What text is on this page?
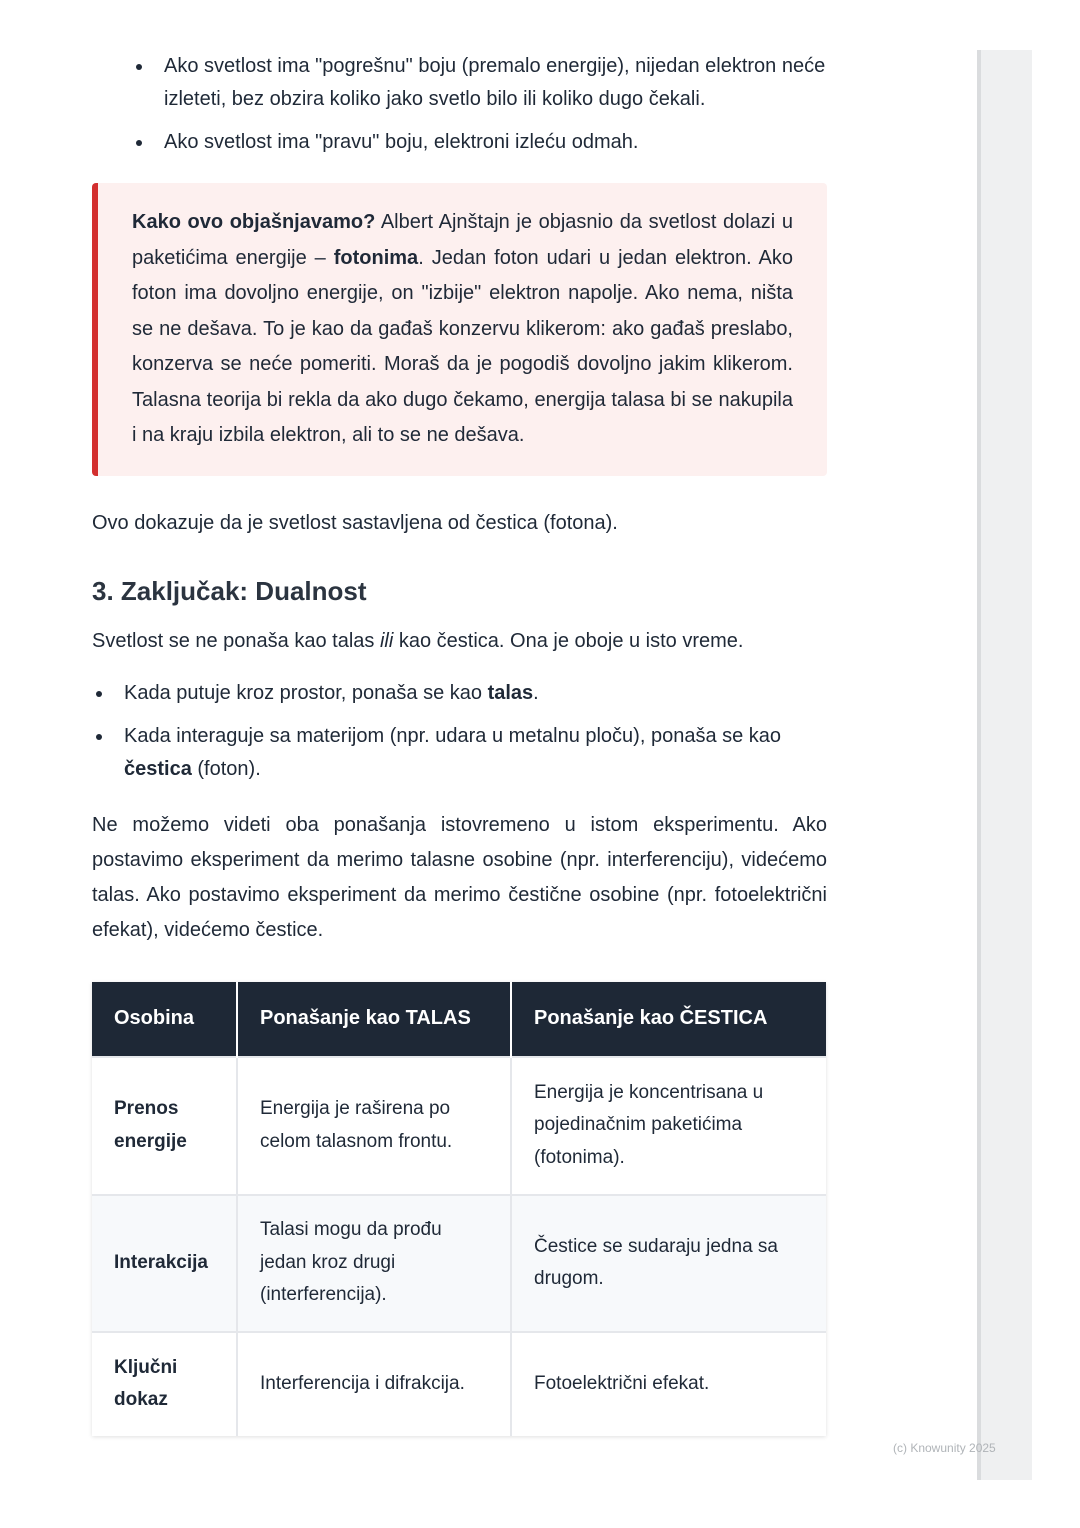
Ako svetlost ima "pogrešnu" boju (premalo energije), nijedan elektron neće izleteti, bez obzira koliko jako svetlo bilo ili koliko dugo čekali.
Ako svetlost ima "pravu" boju, elektroni izleću odmah.
Kako ovo objašnjavamo? Albert Ajnštajn je objasnio da svetlost dolazi u paketićima energije – fotonima. Jedan foton udari u jedan elektron. Ako foton ima dovoljno energije, on "izbije" elektron napolje. Ako nema, ništa se ne dešava. To je kao da gađaš konzervu klikerom: ako gađaš preslabo, konzerva se neće pomeriti. Moraš da je pogodiš dovoljno jakim klikerom. Talasna teorija bi rekla da ako dugo čekamo, energija talasa bi se nakupila i na kraju izbila elektron, ali to se ne dešava.

Ovo dokazuje da je svetlost sastavljena od čestica (fotona).

3. Zaključak: Dualnost

Svetlost se ne ponaša kao talas ili kao čestica. Ona je oboje u isto vreme.

Kada putuje kroz prostor, ponaša se kao talas.
Kada interaguje sa materijom (npr. udara u metalnu ploču), ponaša se kao čestica (foton).

Ne možemo videti oba ponašanja istovremeno u istom eksperimentu. Ako postavimo eksperiment da merimo talasne osobine (npr. interferenciju), videćemo talas. Ako postavimo eksperiment da merimo čestične osobine (npr. fotoelektrični efekat), videćemo čestice.

Osobina	Ponašanje kao TALAS	Ponašanje kao ČESTICA
Prenos energije	Energija je raširena po celom talasnom frontu.	Energija je koncentrisana u pojedinačnim paketićima (fotonima).
Interakcija	Talasi mogu da prođu jedan kroz drugi (interferencija).	Čestice se sudaraju jedna sa drugom.
Ključni dokaz	Interferencija i difrakcija.	Fotoelektrični efekat.
(c) Knowunity 2025
